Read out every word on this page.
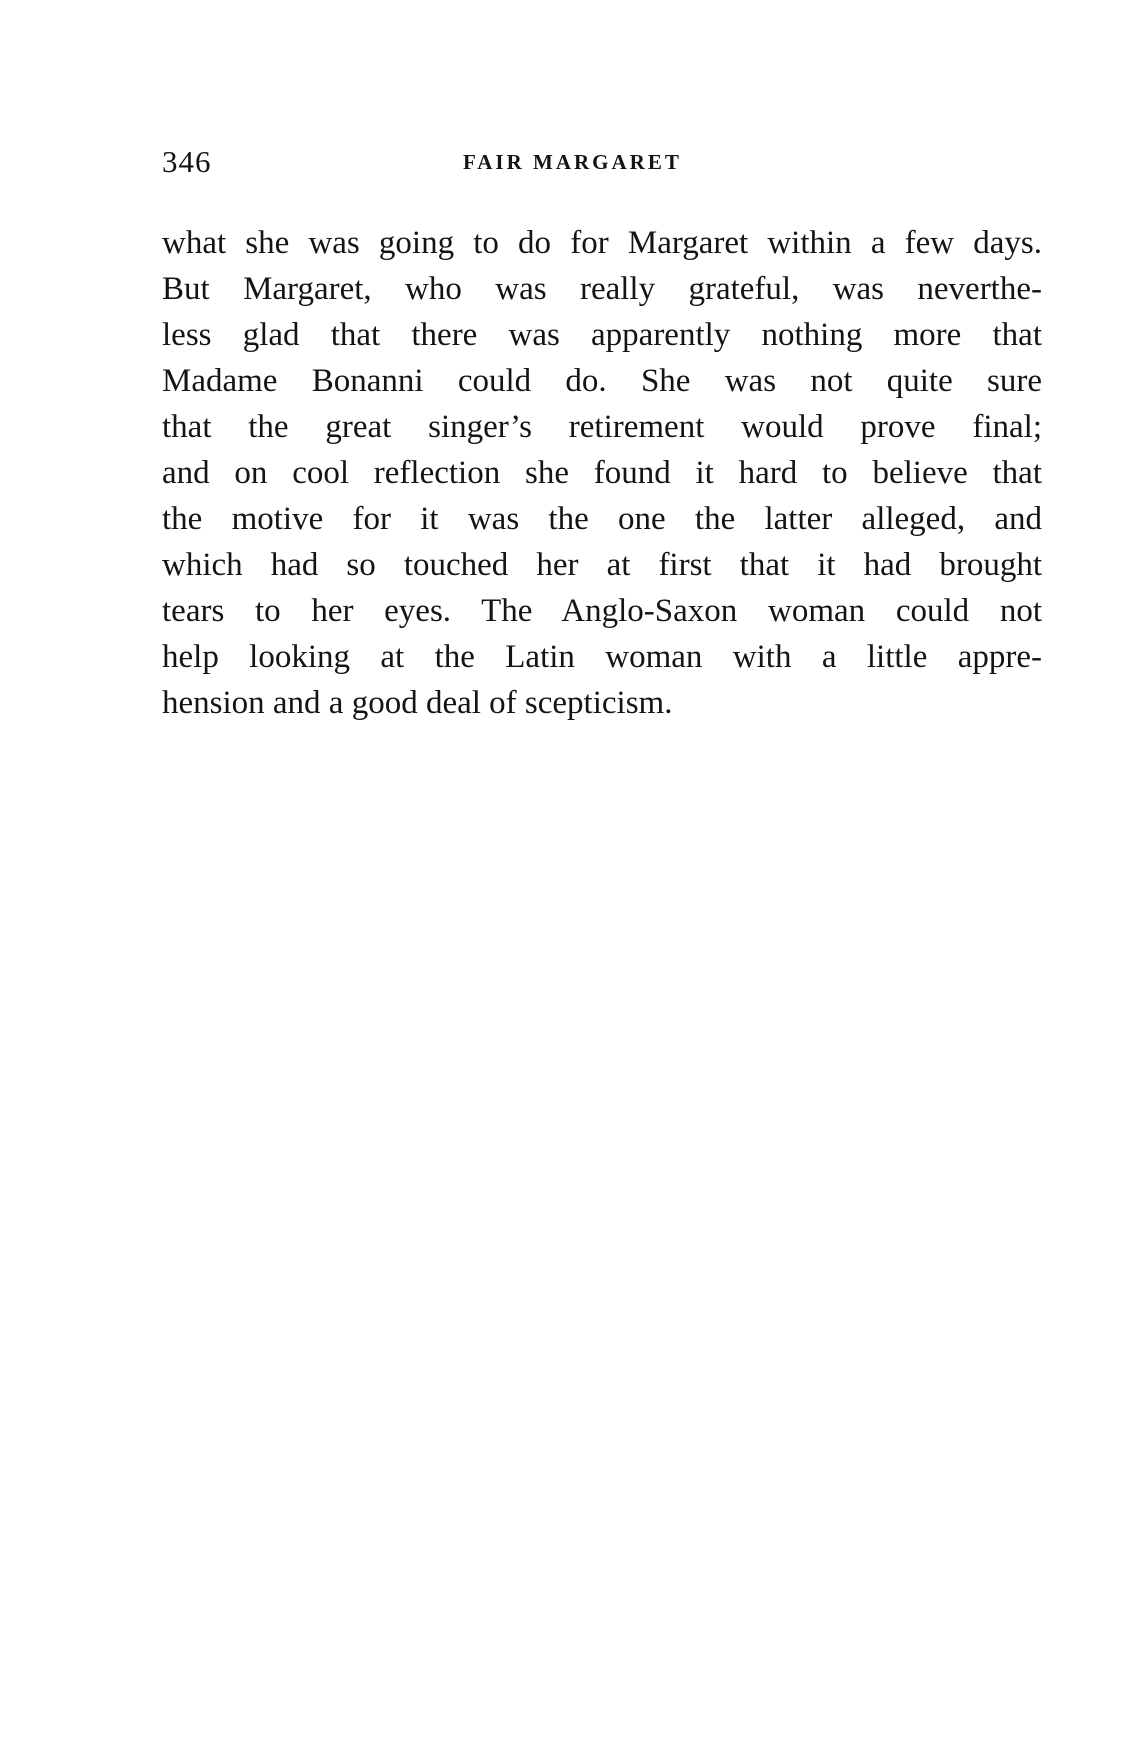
346	FAIR MARGARET
what she was going to do for Margaret within a few days.
But Margaret, who was really grateful, was neverthe-
less glad that there was apparently nothing more that
Madame Bonanni could do. She was not quite sure
that the great singer’s retirement would prove final;
and on cool reflection she found it hard to believe that
the motive for it was the one the latter alleged, and
which had so touched her at first that it had brought
tears to her eyes. The Anglo-Saxon woman could not
help looking at the Latin woman with a little appre-
hension and a good deal of scepticism.
